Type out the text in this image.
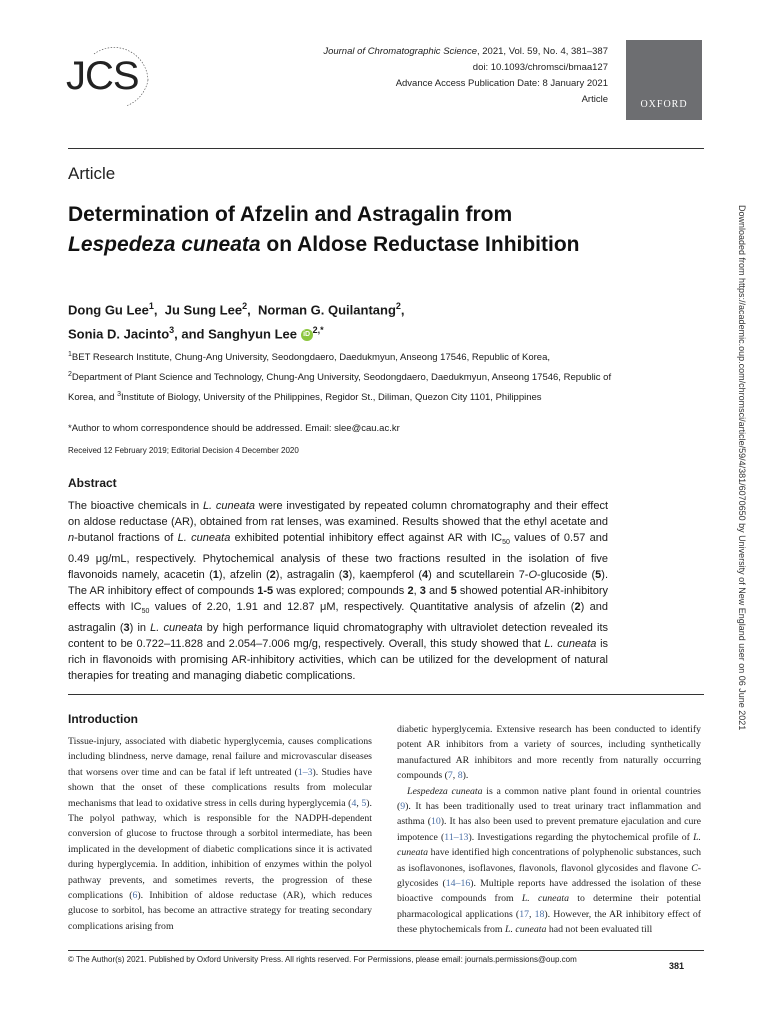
JCS
Journal of Chromatographic Science, 2021, Vol. 59, No. 4, 381–387
doi: 10.1093/chromsci/bmaa127
Advance Access Publication Date: 8 January 2021
Article	OXFORD
Article
Determination of Afzelin and Astragalin from Lespedeza cuneata on Aldose Reductase Inhibition
Dong Gu Lee$^1$, Ju Sung Lee$^2$, Norman G. Quilantang$^2$,
Sonia D. Jacinto$^3$, and Sanghyun Lee iD $^{2,*}$
$^1$BET Research Institute, Chung-Ang University, Seodongdaero, Daedukmyun, Anseong 17546, Republic of Korea,
$^2$Department of Plant Science and Technology, Chung-Ang University, Seodongdaero, Daedukmyun, Anseong 17546, Republic of Korea, and $^3$Institute of Biology, University of the Philippines, Regidor St., Diliman, Quezon City 1101, Philippines
*Author to whom correspondence should be addressed. Email: slee@cau.ac.kr
Received 12 February 2019; Editorial Decision 4 December 2020
Abstract
The bioactive chemicals in L. cuneata were investigated by repeated column chromatography and their effect on aldose reductase (AR), obtained from rat lenses, was examined. Results showed that the ethyl acetate and n-butanol fractions of L. cuneata exhibited potential inhibitory effect against AR with $IC_{50}$ values of 0.57 and 0.49 μg/mL, respectively. Phytochemical analysis of these two fractions resulted in the isolation of five flavonoids namely, acacetin (1), afzelin (2), astragalin (3), kaempferol (4) and scutellarein 7-O-glucoside (5). The AR inhibitory effect of compounds 1-5 was explored; compounds 2, 3 and 5 showed potential AR-inhibitory effects with $IC_{50}$ values of 2.20, 1.91 and 12.87 μM, respectively. Quantitative analysis of afzelin (2) and astragalin (3) in L. cuneata by high performance liquid chromatography with ultraviolet detection revealed its content to be 0.722–11.828 and 2.054–7.006 mg/g, respectively. Overall, this study showed that L. cuneata is rich in flavonoids with promising AR-inhibitory activities, which can be utilized for the development of natural therapies for treating and managing diabetic complications.
Introduction
Tissue-injury, associated with diabetic hyperglycemia, causes complications including blindness, nerve damage, renal failure and microvascular diseases that worsens over time and can be fatal if left untreated (1–3). Studies have shown that the onset of these complications results from molecular mechanisms that lead to oxidative stress in cells during hyperglycemia (4, 5). The polyol pathway, which is responsible for the NADPH-dependent conversion of glucose to fructose through a sorbitol intermediate, has been implicated in the development of diabetic complications since it is activated during hyperglycemia. In addition, inhibition of enzymes within the polyol pathway prevents, and sometimes reverts, the progression of these complications (6). Inhibition of aldose reductase (AR), which reduces glucose to sorbitol, has become an attractive strategy for treating secondary complications arising from

diabetic hyperglycemia. Extensive research has been conducted to identify potent AR inhibitors from a variety of sources, including synthetically manufactured AR inhibitors and more recently from naturally occurring compounds (7, 8).

Lespedeza cuneata is a common native plant found in oriental countries (9). It has been traditionally used to treat urinary tract inflammation and asthma (10). It has also been used to prevent premature ejaculation and cure impotence (11–13). Investigations regarding the phytochemical profile of L. cuneata have identified high concentrations of polyphenolic substances, such as isoflavonones, isoflavones, flavonols, flavonol glycosides and flavone C-glycosides (14–16). Multiple reports have addressed the isolation of these bioactive compounds from L. cuneata to determine their potential pharmacological applications (17, 18). However, the AR inhibitory effect of these phytochemicals from L. cuneata had not been evaluated till

Downloaded from https://academic.oup.com/chromsci/article/59/4/381/6070650 by University of New England user on 06 June 2021
© The Author(s) 2021. Published by Oxford University Press. All rights reserved. For Permissions, please email: journals.permissions@oup.com
381
